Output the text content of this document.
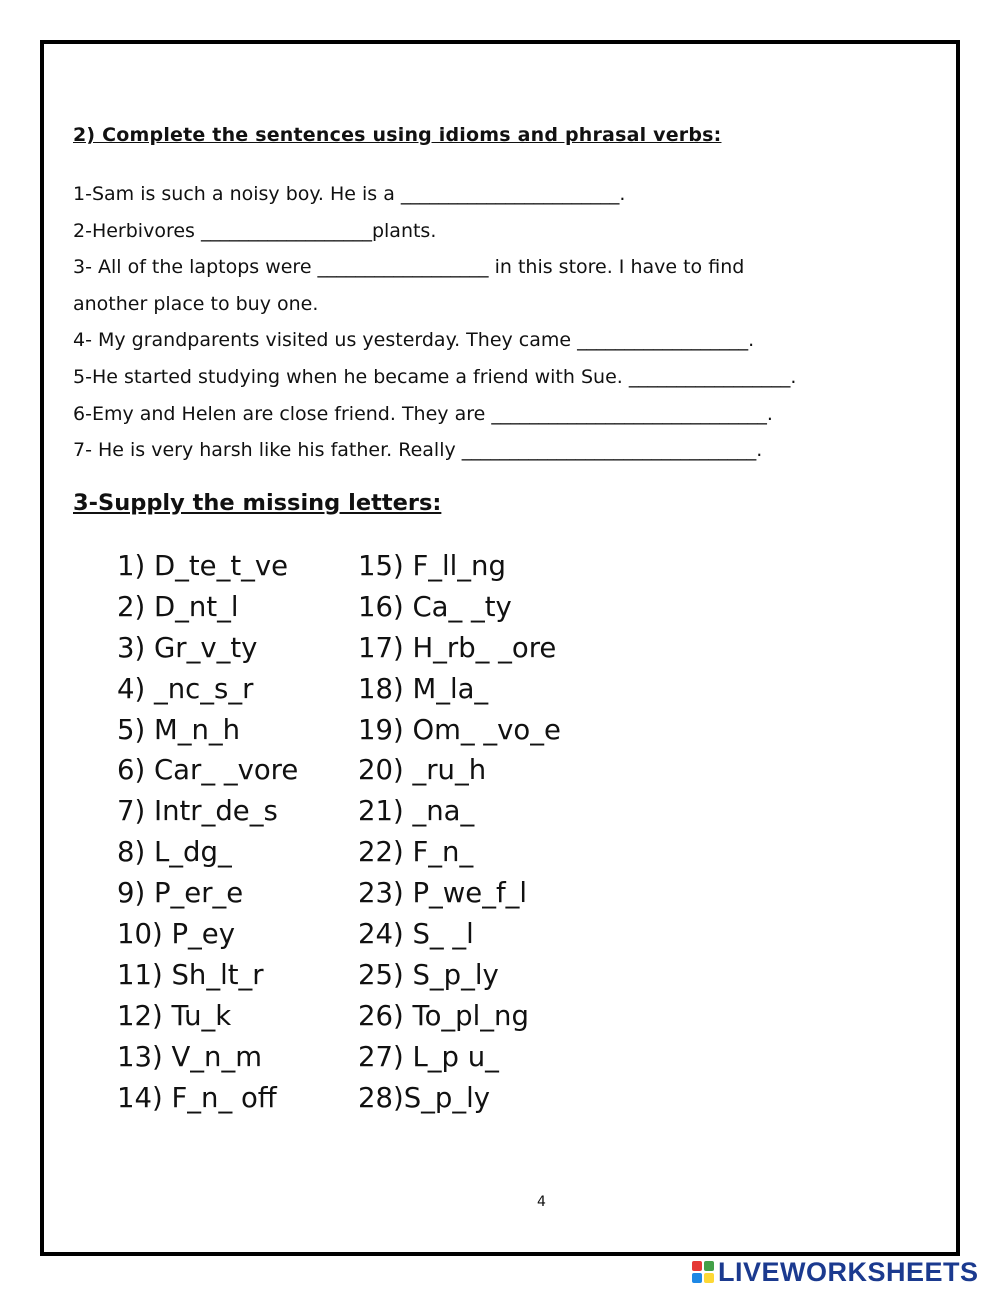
2) Complete the sentences using idioms and phrasal verbs:
1-Sam is such a noisy boy. He is a _______________________.
2-Herbivores __________________plants.
3- All of the laptops were __________________ in this store. I have to find
another place to buy one.
4- My grandparents visited us yesterday. They came __________________.
5-He started studying when he became a friend with Sue. _________________.
6-Emy and Helen are close friend. They are _____________________________.
7- He is very harsh like his father. Really _______________________________.
3-Supply the missing letters:
1) D_te_t_ve
2) D_nt_l
3) Gr_v_ty
4) _nc_s_r
5) M_n_h
6) Car_ _vore
7) Intr_de_s
8) L_dg_
9) P_er_e
10) P_ey
11) Sh_lt_r
12) Tu_k
13) V_n_m
14) F_n_ off
15) F_ll_ng
16) Ca_ _ty
17) H_rb_ _ore
18) M_la_
19) Om_ _vo_e
20) _ru_h
21) _na_
22) F_n_
23) P_we_f_l
24) S_ _l
25) S_p_ly
26) To_pl_ng
27) L_p u_
28)S_p_ly
4
LIVEWORKSHEETS
